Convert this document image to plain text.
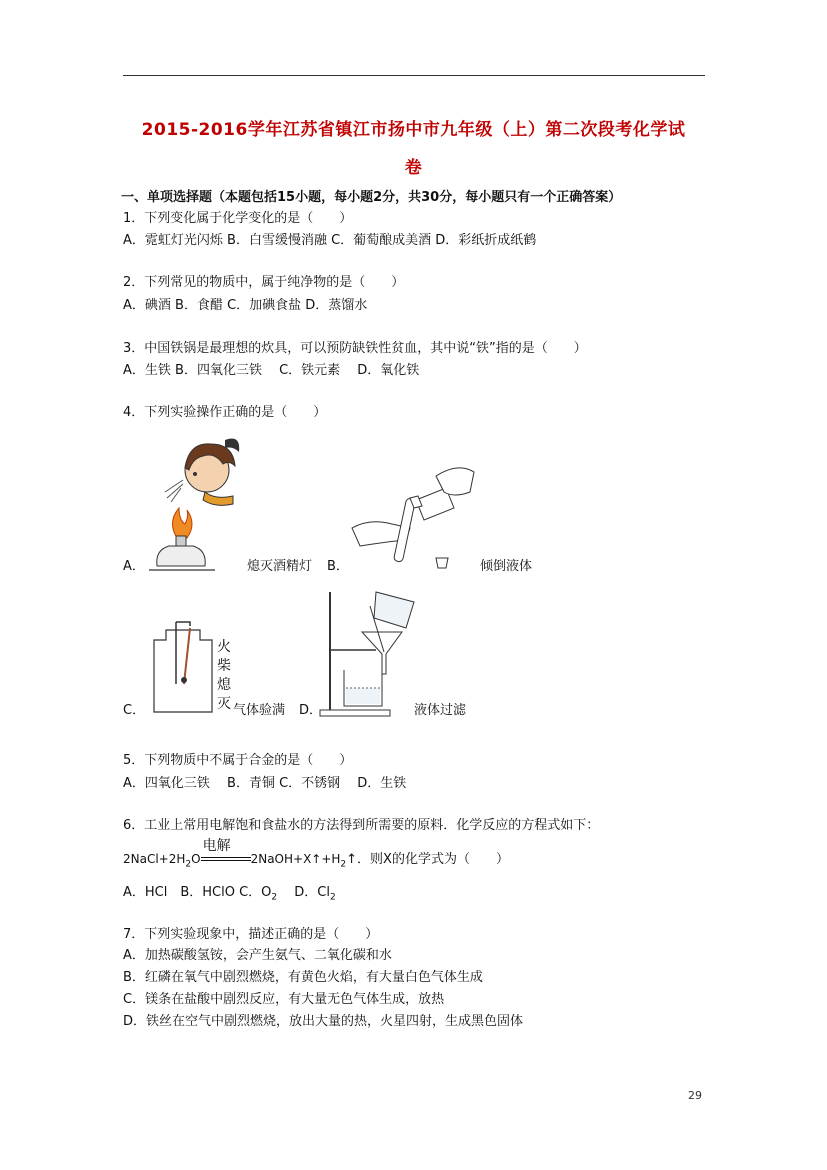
2015-2016学年江苏省镇江市扬中市九年级（上）第二次段考化学试
卷
一、单项选择题（本题包括15小题，每小题2分，共30分，每小题只有一个正确答案）
1．下列变化属于化学变化的是（　　）
A．霓虹灯光闪烁 B．白雪缓慢消融 C．葡萄酿成美酒 D．彩纸折成纸鹤
2．下列常见的物质中，属于纯净物的是（　　）
A．碘酒 B．食醋 C．加碘食盐 D．蒸馏水
3．中国铁锅是最理想的炊具，可以预防缺铁性贫血，其中说“铁”指的是（　　）
A．生铁 B．四氧化三铁　 C．铁元素　 D．氧化铁
4．下列实验操作正确的是（　　）
A．	熄灭酒精灯 B．	倾倒液体
火
柴
熄
灭
C．	气体验满 D．	液体过滤
5．下列物质中不属于合金的是（　　）
A．四氧化三铁　 B．青铜 C．不锈钢　 D．生铁
6．工业上常用电解饱和食盐水的方法得到所需要的原料．化学反应的方程式如下：
$2NaCl+2H_2O$
电解
$2NaOH+X↑+H_2↑$．则X的化学式为（　　）
A．HCl　B．HClO C．$O_2$　 D．$Cl_2$
7．下列实验现象中，描述正确的是（　　）
A．加热碳酸氢铵，会产生氨气、二氧化碳和水
B．红磷在氧气中剧烈燃烧，有黄色火焰，有大量白色气体生成
C．镁条在盐酸中剧烈反应，有大量无色气体生成，放热
D．铁丝在空气中剧烈燃烧，放出大量的热，火星四射，生成黑色固体
29
